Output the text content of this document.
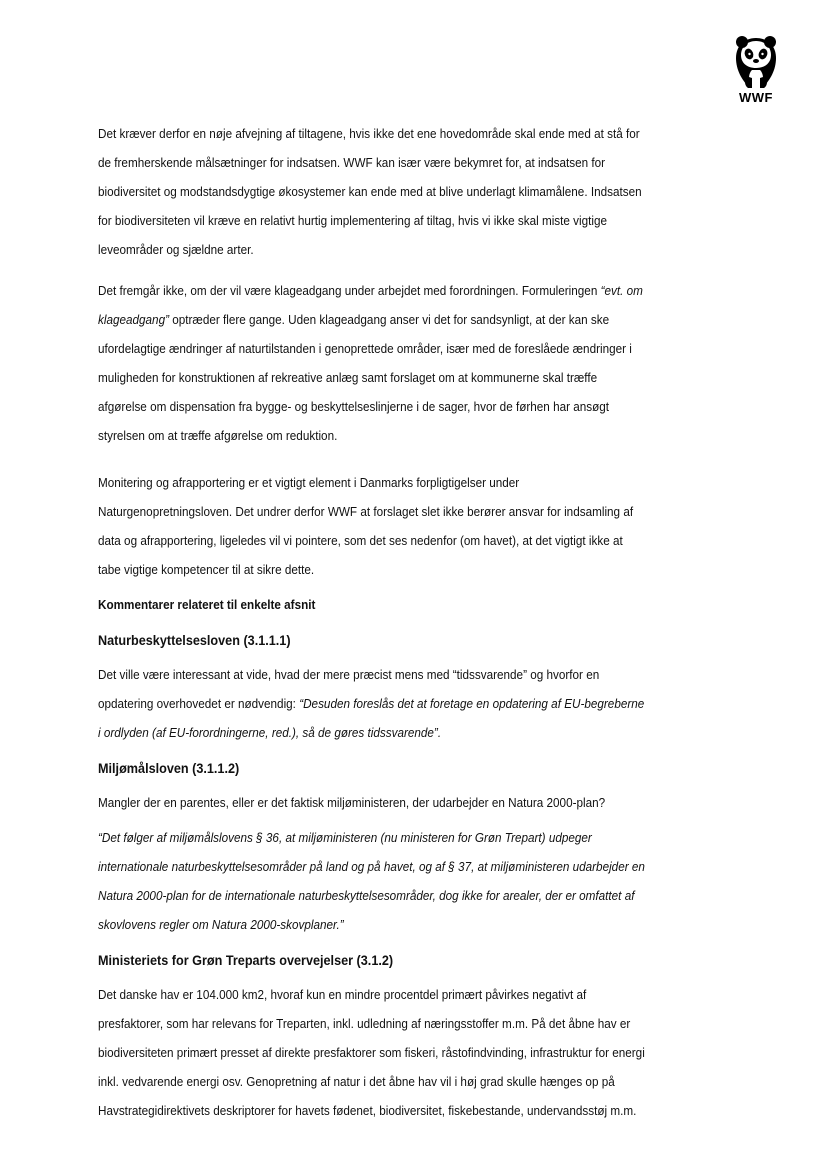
WWF

Det kræver derfor en nøje afvejning af tiltagene, hvis ikke det ene hovedområde skal ende med at stå for de fremherskende målsætninger for indsatsen. WWF kan især være bekymret for, at indsatsen for biodiversitet og modstandsdygtige økosystemer kan ende med at blive underlagt klimamålene. Indsatsen for biodiversiteten vil kræve en relativt hurtig implementering af tiltag, hvis vi ikke skal miste vigtige leveområder og sjældne arter.

Det fremgår ikke, om der vil være klageadgang under arbejdet med forordningen. Formuleringen “evt. om klageadgang” optræder flere gange. Uden klageadgang anser vi det for sandsynligt, at der kan ske ufordelagtige ændringer af naturtilstanden i genoprettede områder, især med de foreslåede ændringer i muligheden for konstruktionen af rekreative anlæg samt forslaget om at kommunerne skal træffe afgørelse om dispensation fra bygge- og beskyttelseslinjerne i de sager, hvor de førhen har ansøgt styrelsen om at træffe afgørelse om reduktion.

Monitering og afrapportering er et vigtigt element i Danmarks forpligtigelser under Naturgenopretningsloven. Det undrer derfor WWF at forslaget slet ikke berører ansvar for indsamling af data og afrapportering, ligeledes vil vi pointere, som det ses nedenfor (om havet), at det vigtigt ikke at tabe vigtige kompetencer til at sikre dette.

Kommentarer relateret til enkelte afsnit

Naturbeskyttelsesloven (3.1.1.1)

Det ville være interessant at vide, hvad der mere præcist mens med “tidssvarende” og hvorfor en opdatering overhovedet er nødvendig: “Desuden foreslås det at foretage en opdatering af EU-begreberne i ordlyden (af EU-forordningerne, red.), så de gøres tidssvarende”.

Miljømålsloven (3.1.1.2)

Mangler der en parentes, eller er det faktisk miljøministeren, der udarbejder en Natura 2000-plan?

“Det følger af miljømålslovens § 36, at miljøministeren (nu ministeren for Grøn Trepart) udpeger internationale naturbeskyttelsesområder på land og på havet, og af § 37, at miljøministeren udarbejder en Natura 2000-plan for de internationale naturbeskyttelsesområder, dog ikke for arealer, der er omfattet af skovlovens regler om Natura 2000-skovplaner.”

Ministeriets for Grøn Treparts overvejelser (3.1.2)

Det danske hav er 104.000 km2, hvoraf kun en mindre procentdel primært påvirkes negativt af presfaktorer, som har relevans for Treparten, inkl. udledning af næringsstoffer m.m. På det åbne hav er biodiversiteten primært presset af direkte presfaktorer som fiskeri, råstofindvinding, infrastruktur for energi inkl. vedvarende energi osv. Genopretning af natur i det åbne hav vil i høj grad skulle hænges op på Havstrategidirektivets deskriptorer for havets fødenet, biodiversitet, fiskebestande, undervandsstøj m.m.
